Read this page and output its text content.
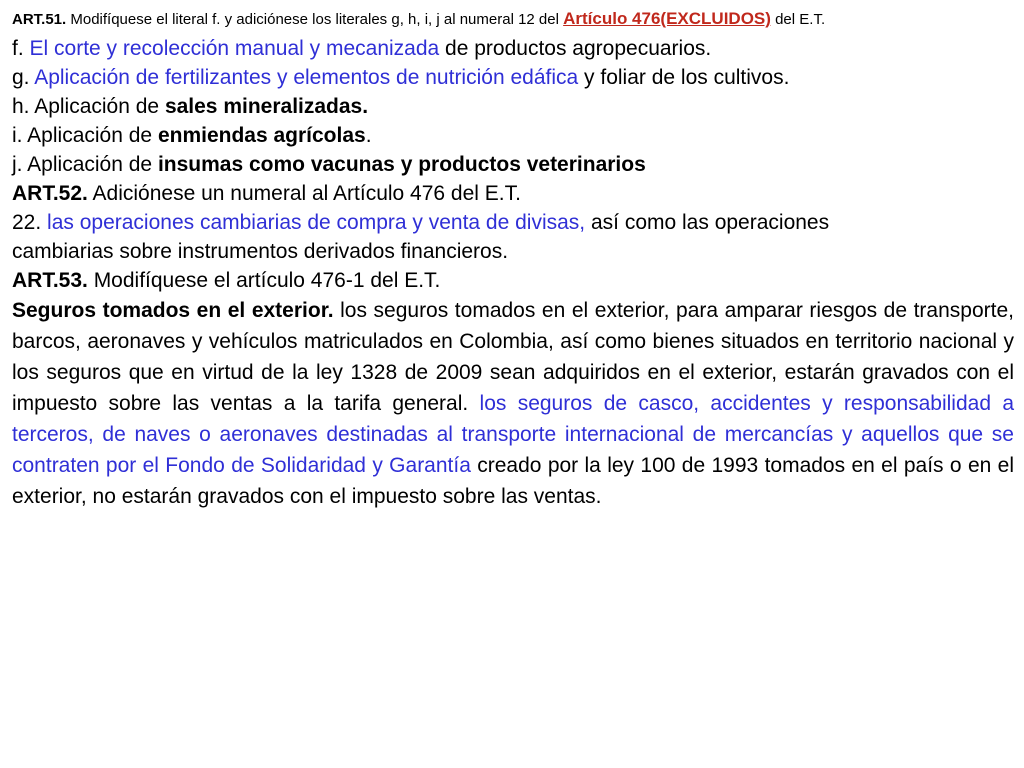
ART.51. Modifíquese el literal f. y adiciónese los literales g, h, i, j al numeral 12 del Artículo 476(EXCLUIDOS) del E.T.
f. El corte y recolección manual y mecanizada de productos agropecuarios.
g. Aplicación de fertilizantes y elementos de nutrición edáfica y foliar de los cultivos.
h. Aplicación de sales mineralizadas.
i. Aplicación de enmiendas agrícolas.
j. Aplicación de insumas como vacunas y productos veterinarios
ART.52. Adiciónese un numeral al Artículo 476 del E.T.
22. las operaciones cambiarias de compra y venta de divisas, así como las operaciones
cambiarias sobre instrumentos derivados financieros.
ART.53. Modifíquese el artículo 476-1 del E.T.

Seguros tomados en el exterior. los seguros tomados en el exterior, para amparar riesgos de transporte, barcos, aeronaves y vehículos matriculados en Colombia, así como bienes situados en territorio nacional y los seguros que en virtud de la ley 1328 de 2009 sean adquiridos en el exterior, estarán gravados con el impuesto sobre las ventas a la tarifa general. los seguros de casco, accidentes y responsabilidad a terceros, de naves o aeronaves destinadas al transporte internacional de mercancías y aquellos que se contraten por el Fondo de Solidaridad y Garantía creado por la ley 100 de 1993 tomados en el país o en el exterior, no estarán gravados con el impuesto sobre las ventas.
